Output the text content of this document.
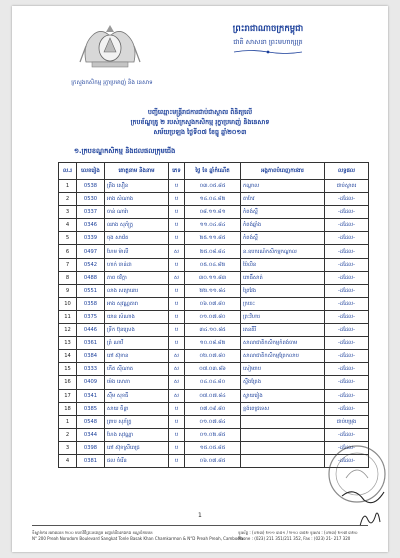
ក្រសួងកសិកម្ម រុក្ខាប្រមាញ់ និង នេសាទ
ព្រះរាជាណាចក្រកម្ពុជា
ជាតិ សាសនា ព្រះមហាក្សត្រ
បញ្ជីឈ្មោះមន្ត្រីរាជការជាប់ជាស្ថាពរ ពិនិត្យលើ
ក្របខ័ណ្ឌគ្រូ ២ របស់ក្រសួងកសិកម្ម រុក្ខាប្រមាញ់ និងនេសាទ
សម័យប្រឡង ថ្ងៃទី០៧ ខែធ្នូ ឆ្នាំ២០១៣
១.ក្របខណ្ឌកសិកម្ម និងជលផលក្រុមជើង
ល.រ	លេខរៀង	គោត្តនាម និងនាម	ភេទ	ថ្ងៃ ខែ ឆ្នាំកំណើត	អង្គភាពបំពេញការងារ	លទ្ធផល
1	0538	ព្រីង សឿន	ប	០៣.០៥.៨៥	កណ្តាល	ជាប់ស្ថាពរ
2	0530	អាង សំណាង	ប	១៤.០៤.៨២	តាកែវ	-ដដែល-
3	0337	ចាន់ ណារ៉ា	ប	០៨.១១.៨១	កំពង់ស្ពឺ	-ដដែល-
4	0346	ឈាង សុភ័ក្ត្រ	ប	១១.០៤.៨៤	កំពង់ឆ្នាំង	-ដដែល-
5	0339	ចុង សាវ៉េត	ប	២៥.១១.៨៥	កំពង់ស្ពឺ	-ដដែល-
6	0497	ហែម ម៉ាលី	ស	២៥.០៨.៨៤	ន.ឧបករណ៍កសិកម្មកណ្តាល	-ដដែល-
7	0542	ហាក់ ចាន់ដា	ប	០៥.០៤.៨២	ប៉ៃលិន	-ដដែល-
8	0488	ភាព ថវិក្កា	ស	៣០.១១.៨៣	ពោធិ៍សាត់	-ដដែល-
9	0551	លាង សត្យានោរ	ប	២២.១១.៨៤	ព្រៃវែង	-ដដែល-
10	0358	អាង សុវណ្ណតារា	ប	០៦.០៧.៨០	ក្រចេះ	-ដដែល-
11	0375	យាន សំណាង	ប	០១.០៧.៨០	ព្រះវិហារ	-ដដែល-
12	0446	ទ្រីក ប៊ុនស្រេង	ប	៣៤.១០.៨៥	រតនគីរី	-ដដែល-
13	0361	ព្រំ ណាវី	ប	១០.០៨.៨២	សាលាជាតិកសិកម្មកំពង់ចាម	-ដដែល-
14	0384	ពៅ ស៊ុខាន	ស	០២.០៧.៨០	សាលាជាតិកសិកម្មព្រែកលាប	-ដដែល-
15	0333	កើត ស៊ីណាត	ស	០៧.០៣.៨៦	សៀមរាប	-ដដែល-
16	0409	ម៉េង សោភា	ស	០៤.០៤.៨០	ស្ទឹងត្រែង	-ដដែល-
17	0341	ស៊ឹម សុខធី	ស	០៧.០៧.៨៤	ស្វាយរៀង	-ដដែល-
18	0385	សាយ ចិន្តា	ប	០៧.០៩.៨០	ខ្ពង់ពេជ្រទេស	-ដដែល-
1	0548	ព្រាប សុភ័ក្ត្រ	ប	០១.០៧.៨៤		ជាប់បម្រុង
2	0344	ហែង សុវណ្ណា	ប	០១.០២.៨៥		-ដដែល-
3	0398	ពៅ ស៊ុខស្រីពេជ្រ	ប	១៥.០៥.៨៥		-ដដែល-
4	0381	ផល ចំរើន	ប	០៦.០៧.៨៥		-ដដែល-
1
ទីស្នាក់ការ អគារលេខ ២០០ មហាវិថីព្រះនរោត្តម សង្កាត់បឹងកេងកង ខណ្ឌចំការមន
N° 200 Preah Norodom Boulevard Sangkat Tonle Basak Khan Chamkarmon & N°D Preah Preah, Cambodia
ទូរស័ព្ទ : (០២៣) ២១១ ៣៥១ / ២១០ ៣៥២ ទូរសារ : (០២៣) ២១៧ ៣២០
Phone : (023) 211 351/211 352, Fax : (023) 21- 217 320
